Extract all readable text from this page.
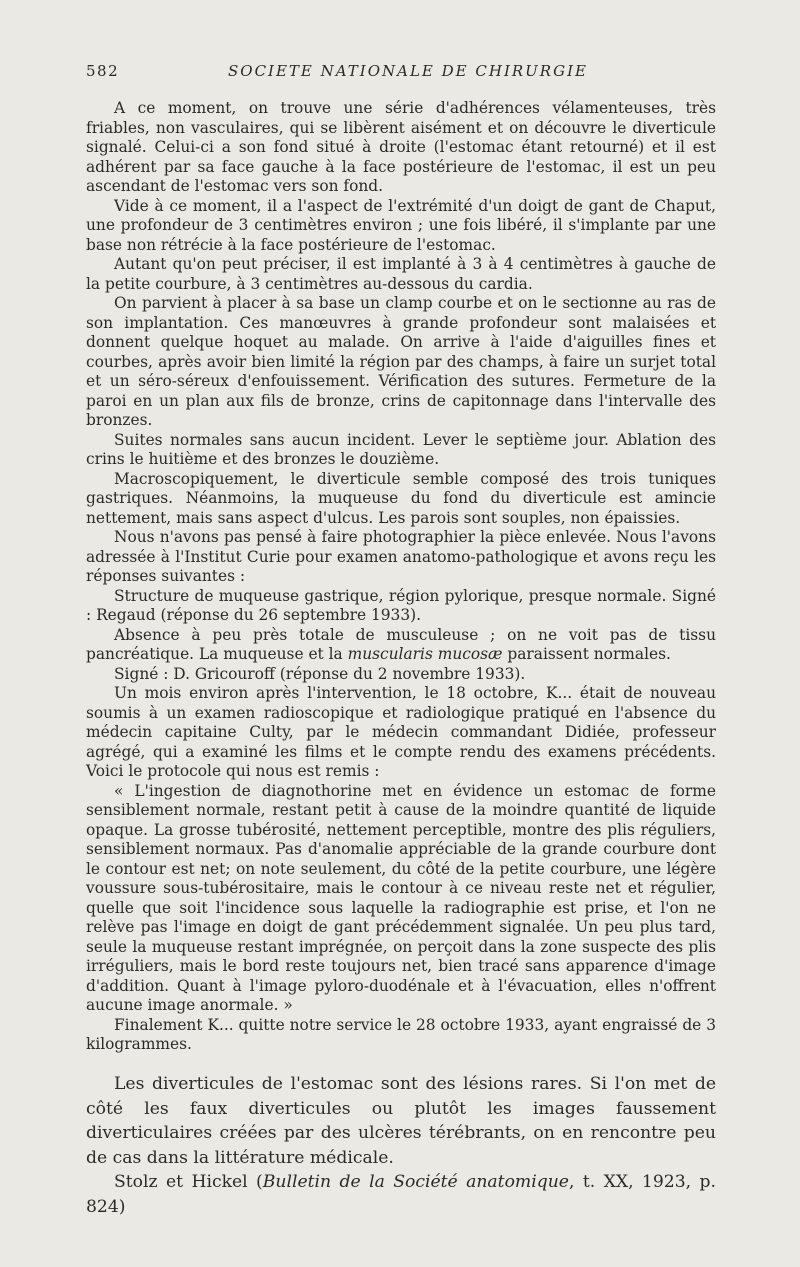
582	SOCIETE NATIONALE DE CHIRURGIE

A ce moment, on trouve une série d'adhérences vélamenteuses, très friables, non vasculaires, qui se libèrent aisément et on découvre le diverticule signalé. Celui-ci a son fond situé à droite (l'estomac étant retourné) et il est adhérent par sa face gauche à la face postérieure de l'estomac, il est un peu ascendant de l'estomac vers son fond.

Vide à ce moment, il a l'aspect de l'extrémité d'un doigt de gant de Chaput, une profondeur de 3 centimètres environ ; une fois libéré, il s'implante par une base non rétrécie à la face postérieure de l'estomac.

Autant qu'on peut préciser, il est implanté à 3 à 4 centimètres à gauche de la petite courbure, à 3 centimètres au-dessous du cardia.

On parvient à placer à sa base un clamp courbe et on le sectionne au ras de son implantation. Ces manœuvres à grande profondeur sont malaisées et donnent quelque hoquet au malade. On arrive à l'aide d'aiguilles fines et courbes, après avoir bien limité la région par des champs, à faire un surjet total et un séro-séreux d'enfouissement. Vérification des sutures. Fermeture de la paroi en un plan aux fils de bronze, crins de capitonnage dans l'intervalle des bronzes.

Suites normales sans aucun incident. Lever le septième jour. Ablation des crins le huitième et des bronzes le douzième.

Macroscopiquement, le diverticule semble composé des trois tuniques gastriques. Néanmoins, la muqueuse du fond du diverticule est amincie nettement, mais sans aspect d'ulcus. Les parois sont souples, non épaissies.

Nous n'avons pas pensé à faire photographier la pièce enlevée. Nous l'avons adressée à l'Institut Curie pour examen anatomo-pathologique et avons reçu les réponses suivantes :

Structure de muqueuse gastrique, région pylorique, presque normale. Signé : Regaud (réponse du 26 septembre 1933).

Absence à peu près totale de musculeuse ; on ne voit pas de tissu pancréatique. La muqueuse et la muscularis mucosæ paraissent normales.

Signé : D. Gricouroff (réponse du 2 novembre 1933).

Un mois environ après l'intervention, le 18 octobre, K... était de nouveau soumis à un examen radioscopique et radiologique pratiqué en l'absence du médecin capitaine Culty, par le médecin commandant Didiée, professeur agrégé, qui a examiné les films et le compte rendu des examens précédents. Voici le protocole qui nous est remis :

« L'ingestion de diagnothorine met en évidence un estomac de forme sensiblement normale, restant petit à cause de la moindre quantité de liquide opaque. La grosse tubérosité, nettement perceptible, montre des plis réguliers, sensiblement normaux. Pas d'anomalie appréciable de la grande courbure dont le contour est net; on note seulement, du côté de la petite courbure, une légère voussure sous-tubérositaire, mais le contour à ce niveau reste net et régulier, quelle que soit l'incidence sous laquelle la radiographie est prise, et l'on ne relève pas l'image en doigt de gant précédemment signalée. Un peu plus tard, seule la muqueuse restant imprégnée, on perçoit dans la zone suspecte des plis irréguliers, mais le bord reste toujours net, bien tracé sans apparence d'image d'addition. Quant à l'image pyloro-duodénale et à l'évacuation, elles n'offrent aucune image anormale. »

Finalement K... quitte notre service le 28 octobre 1933, ayant engraissé de 3 kilogrammes.

Les diverticules de l'estomac sont des lésions rares. Si l'on met de côté les faux diverticules ou plutôt les images faussement diverticulaires créées par des ulcères térébrants, on en rencontre peu de cas dans la littérature médicale.

Stolz et Hickel (Bulletin de la Société anatomique, t. XX, 1923, p. 824)
